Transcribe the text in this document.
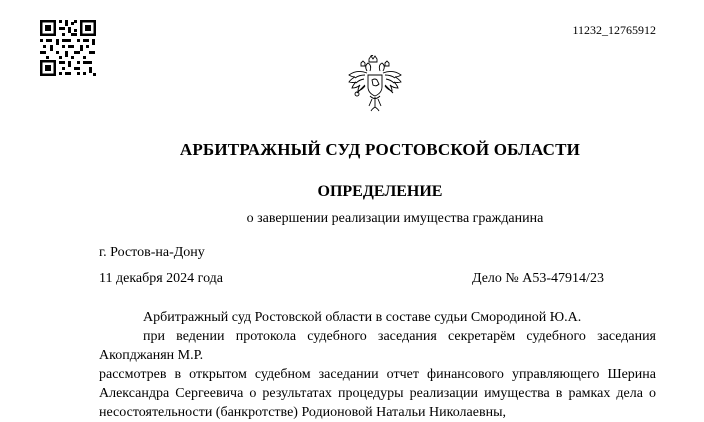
11232_12765912
АРБИТРАЖНЫЙ СУД РОСТОВСКОЙ ОБЛАСТИ
ОПРЕДЕЛЕНИЕ
о завершении реализации имущества гражданина
г. Ростов-на-Дону
11 декабря 2024 года	Дело № А53-47914/23

Арбитражный суд Ростовской области в составе судьи Смородиной Ю.А.

при ведении протокола судебного заседания секретарём судебного заседания

Акопджанян М.Р.

рассмотрев в открытом судебном заседании отчет финансового управляющего Шерина

Александра Сергеевича о результатах процедуры реализации имущества в рамках дела о

несостоятельности (банкротстве) Родионовой Натальи Николаевны,
